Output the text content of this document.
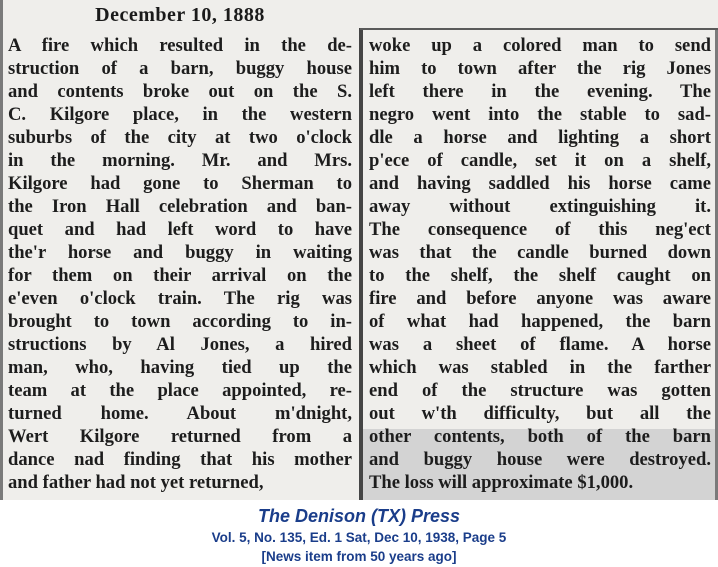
December 10, 1888
A fire which resulted in the de-
struction of a barn, buggy house
and contents broke out on the S.
C. Kilgore place, in the western
suburbs of the city at two o'clock
in the morning. Mr. and Mrs.
Kilgore had gone to Sherman to
the Iron Hall celebration and ban-
quet and had left word to have
the'r horse and buggy in waiting
for them on their arrival on the
e'even o'clock train. The rig was
brought to town according to in-
structions by Al Jones, a hired
man, who, having tied up the
team at the place appointed, re-
turned home. About m'dnight,
Wert Kilgore returned from a
dance nad finding that his mother
and father had not yet returned,
woke up a colored man to send
him to town after the rig Jones
left there in the evening. The
negro went into the stable to sad-
dle a horse and lighting a short
p'ece of candle, set it on a shelf,
and having saddled his horse came
away without extinguishing it.
The consequence of this neg'ect
was that the candle burned down
to the shelf, the shelf caught on
fire and before anyone was aware
of what had happened, the barn
was a sheet of flame. A horse
which was stabled in the farther
end of the structure was gotten
out w'th difficulty, but all the
other contents, both of the barn
and buggy house were destroyed.
The loss will approximate $1,000.
The Denison (TX) Press
Vol. 5, No. 135, Ed. 1 Sat, Dec 10, 1938, Page 5
[News item from 50 years ago]
